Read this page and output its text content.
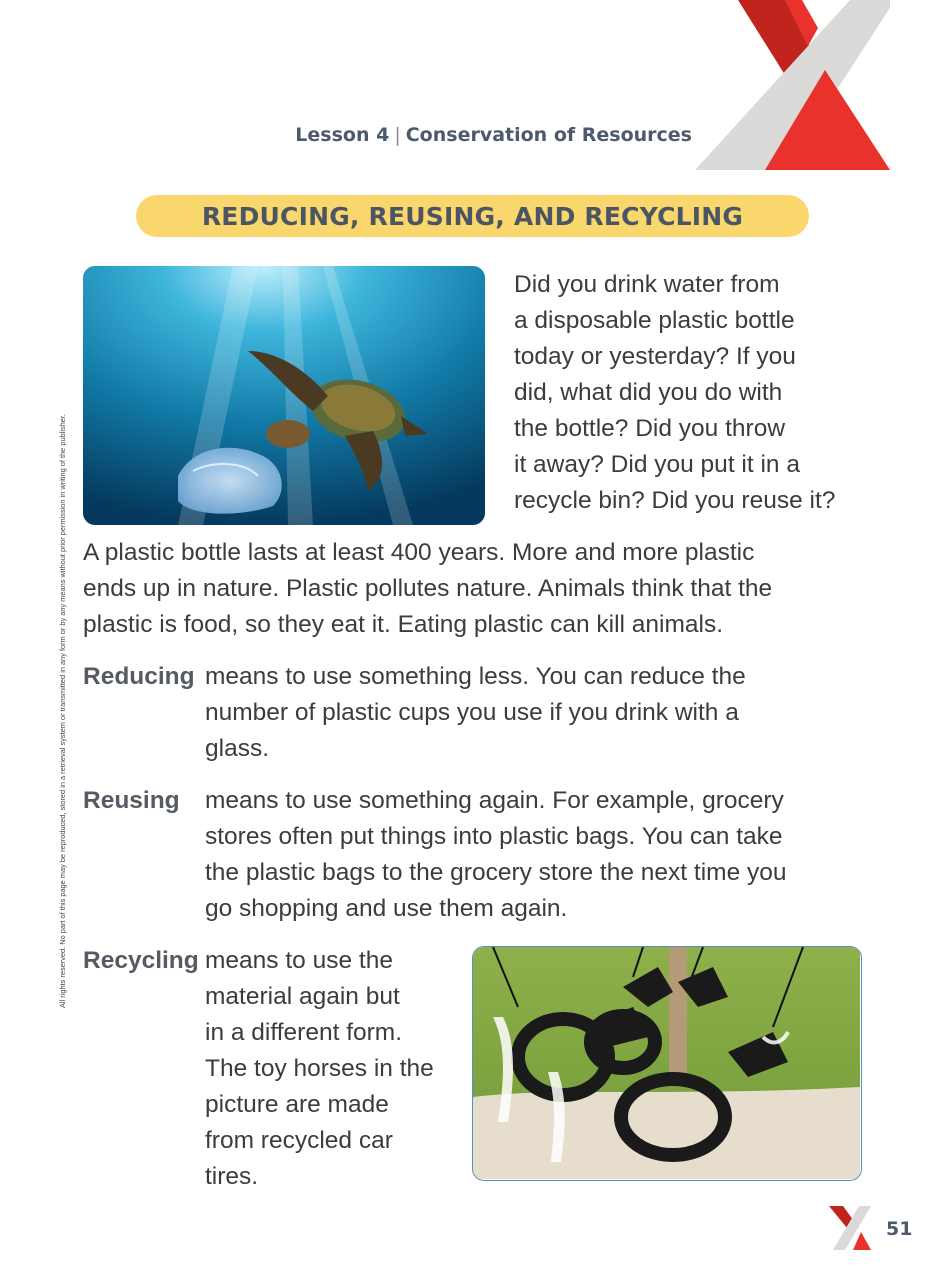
Lesson 4 | Conservation of Resources
REDUCING, REUSING, AND RECYCLING
All rights reserved. No part of this page may be reproduced, stored in a retrieval system or transmitted in any form or by any means without prior permission in writing of the publisher.
Did you drink water from
a disposable plastic bottle
today or yesterday? If you
did, what did you do with
the bottle? Did you throw
it away? Did you put it in a
recycle bin? Did you reuse it?
A plastic bottle lasts at least 400 years. More and more plastic
ends up in nature. Plastic pollutes nature. Animals think that the
plastic is food, so they eat it. Eating plastic can kill animals.
Reducing means to use something less. You can reduce the
number of plastic cups you use if you drink with a
glass.
Reusing means to use something again. For example, grocery
stores often put things into plastic bags. You can take
the plastic bags to the grocery store the next time you
go shopping and use them again.
Recycling means to use the
material again but
in a different form.
The toy horses in the
picture are made
from recycled car
tires.
51
